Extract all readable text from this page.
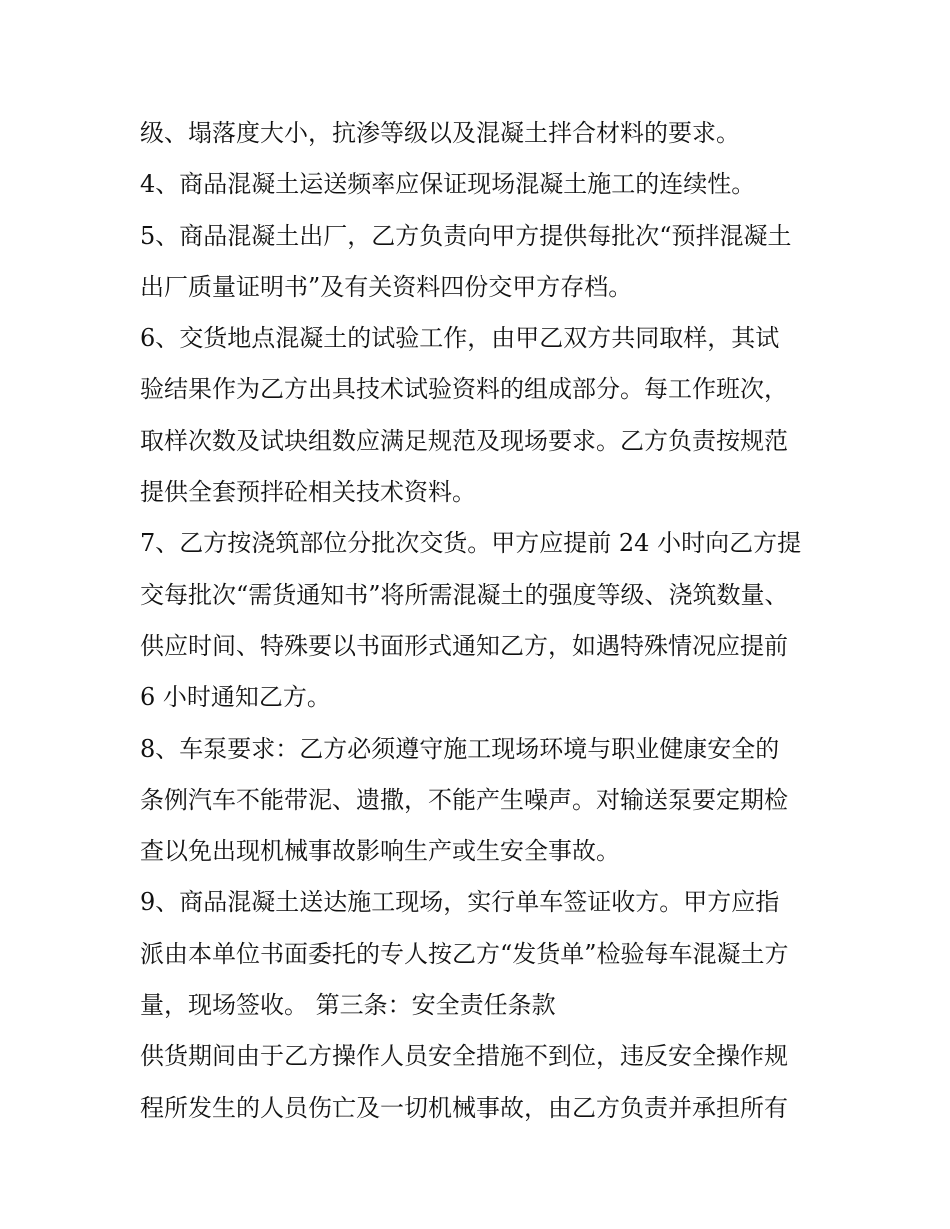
级、塌落度大小，抗渗等级以及混凝土拌合材料的要求。
4、商品混凝土运送频率应保证现场混凝土施工的连续性。
5、商品混凝土出厂，乙方负责向甲方提供每批次“预拌混凝土
出厂质量证明书”及有关资料四份交甲方存档。
6、交货地点混凝土的试验工作，由甲乙双方共同取样，其试
验结果作为乙方出具技术试验资料的组成部分。每工作班次，
取样次数及试块组数应满足规范及现场要求。乙方负责按规范
提供全套预拌砼相关技术资料。
7、乙方按浇筑部位分批次交货。甲方应提前 24 小时向乙方提
交每批次“需货通知书”将所需混凝土的强度等级、浇筑数量、
供应时间、特殊要以书面形式通知乙方，如遇特殊情况应提前
6 小时通知乙方。
8、车泵要求：乙方必须遵守施工现场环境与职业健康安全的
条例汽车不能带泥、遗撒，不能产生噪声。对输送泵要定期检
查以免出现机械事故影响生产或生安全事故。
9、商品混凝土送达施工现场，实行单车签证收方。甲方应指
派由本单位书面委托的专人按乙方“发货单”检验每车混凝土方
量，现场签收。 第三条：安全责任条款
供货期间由于乙方操作人员安全措施不到位，违反安全操作规
程所发生的人员伤亡及一切机械事故，由乙方负责并承担所有
